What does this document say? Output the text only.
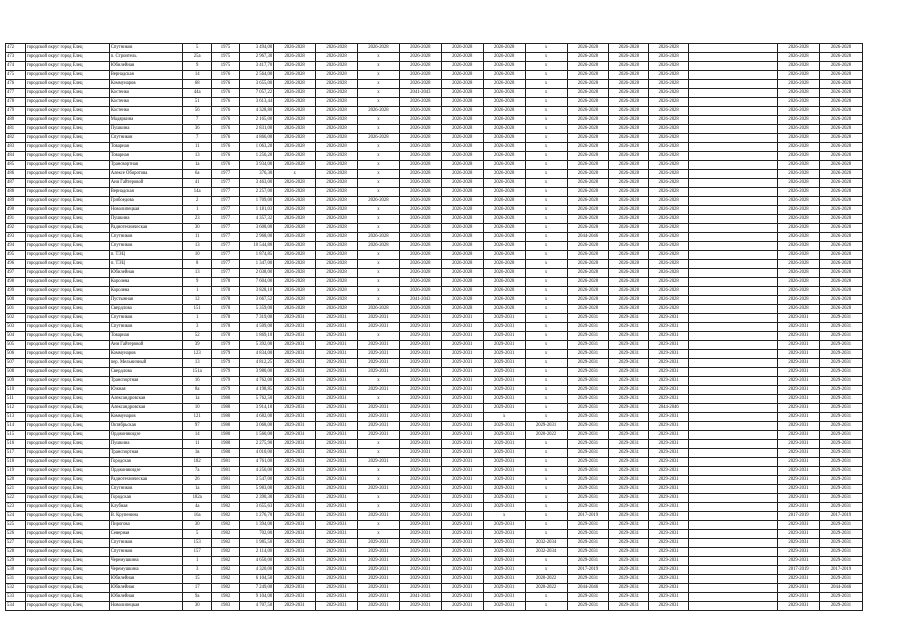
472	городской округ город Елец	Спутников	5	1975	3 494,00	2026-2028	2026-2028	2026-2028	2026-2028	2026-2028	2026-2028	x	2026-2028	2026-2028	2026-2028		2026-2028	2026-2028
473	городской округ город Елец	п. Строитель	25a	1975	2 967,30	2026-2028	2026-2028	x	2026-2028	2026-2028	2026-2028	x	2026-2028	2026-2028	2026-2028		2026-2028	2026-2028
474	городской округ город Елец	Юбилейная	9	1975	3 417,70	2026-2028	2026-2028	x	2026-2028	2026-2028	2026-2028	x	2026-2028	2026-2028	2026-2028		2026-2028	2026-2028
475	городской округ город Елец	Вернадская	14	1976	2 564,00	2026-2028	2026-2028	x	2026-2028	2026-2028	2026-2028	x	2026-2028	2026-2028	2026-2028		2026-2028	2026-2028
476	городской округ город Елец	Коммунаров	68	1976	3 655,00	2026-2028	2026-2028	x	2026-2028	2026-2028	2026-2028	x	2026-2028	2026-2028	2026-2028		2026-2028	2026-2028
477	городской округ город Елец	Костенко	44a	1976	7 057,22	2026-2028	2026-2028	x	2041-2043	2026-2028	2026-2028	x	2026-2028	2026-2028	2026-2028		2026-2028	2026-2028
478	городской округ город Елец	Костенко	51	1976	3 613,44	2026-2028	2026-2028	x	2026-2028	2026-2028	2026-2028	x	2026-2028	2026-2028	2026-2028		2026-2028	2026-2028
479	городской округ город Елец	Костенко	56	1976	4 328,80	2026-2028	2026-2028	2026-2028	2026-2028	2026-2028	2026-2028	x	2026-2028	2026-2028	2026-2028		2026-2028	2026-2028
480	городской округ город Елец	Мадяркина	7	1976	2 165,00	2026-2028	2026-2028	x	2026-2028	2026-2028	2026-2028	x	2026-2028	2026-2028	2026-2028		2026-2028	2026-2028
481	городской округ город Елец	Пушкина	36	1976	2 831,00	2026-2028	2026-2028	x	2026-2028	2026-2028	2026-2028	x	2026-2028	2026-2028	2026-2028		2026-2028	2026-2028
482	городской округ город Елец	Спутников	7	1976	4 866,00	2026-2028	2026-2028	2026-2028	2026-2028	2026-2028	2026-2028	x	2026-2028	2026-2028	2026-2028		2026-2028	2026-2028
483	городской округ город Елец	Товарная	11	1976	1 063,20	2026-2028	2026-2028	x	2026-2028	2026-2028	2026-2028	x	2026-2028	2026-2028	2026-2028		2026-2028	2026-2028
484	городской округ город Елец	Товарная	13	1976	1 256,20	2026-2028	2026-2028	x	2026-2028	2026-2028	2026-2028	x	2026-2028	2026-2028	2026-2028		2026-2028	2026-2028
485	городской округ город Елец	Трансвортная	1a	1976	3 934,00	2026-2028	2026-2028	x	2026-2028	2026-2028	2026-2028	x	2026-2028	2026-2028	2026-2028		2026-2028	2026-2028
486	городской округ город Елец	Алексе Оборотова	6a	1977	376,30	x	2026-2028	x	2026-2028	2026-2028	2026-2028	x	2026-2028	2026-2028	2026-2028		2026-2028	2026-2028
487	городской округ город Елец	Ани Гайтеровой	41	1977	3 463,00	2026-2028	2026-2028	x	2026-2028	2026-2028	2026-2028	x	2026-2028	2026-2028	2026-2028		2026-2028	2026-2028
488	городской округ город Елец	Вернадская	14a	1977	2 257,00	2026-2028	2026-2028	x	2026-2028	2026-2028	2026-2028	x	2026-2028	2026-2028	2026-2028		2026-2028	2026-2028
489	городской округ город Елец	Грибоедова	2	1977	1 709,00	2026-2028	2026-2028	2026-2028	2026-2028	2026-2028	2026-2028	x	2026-2028	2026-2028	2026-2028		2026-2028	2026-2028
490	городской округ город Елец	Новолипецкая	1	1977	1 181,03	2026-2028	2026-2028	x	2026-2028	2026-2028	2026-2028	x	2026-2028	2026-2028	2026-2028		2026-2028	2026-2028
491	городской округ город Елец	Пушкина	23	1977	4 357,32	2026-2028	2026-2028	x	2026-2028	2026-2028	2026-2028	x	2026-2028	2026-2028	2026-2028		2026-2028	2026-2028
492	городской округ город Елец	Радиотехническая	30	1977	3 608,00	2026-2028	2026-2028	x	2026-2028	2026-2028	2026-2028	x	2026-2028	2026-2028	2026-2028		2026-2028	2026-2028
493	городской округ город Елец	Спутников	11	1977	2 968,00	2026-2028	2026-2028	2026-2028	2026-2028	2026-2028	2026-2028	x	2044-2046	2026-2028	2026-2028		2026-2028	2026-2028
494	городской округ город Елец	Спутников	13	1977	10 544,80	2026-2028	2026-2028	2026-2028	2026-2028	2026-2028	2026-2028	x	2026-2028	2026-2028	2026-2028		2026-2028	2026-2028
495	городской округ город Елец	п. ТЭЦ	10	1977	1 874,85	2026-2028	2026-2028	x	2026-2028	2026-2028	2026-2028	x	2026-2028	2026-2028	2026-2028		2026-2028	2026-2028
496	городской округ город Елец	п. ТЭЦ	8	1977	1 347,00	2026-2028	2026-2028	x	2026-2028	2026-2028	2026-2028	x	2026-2028	2026-2028	2026-2028		2026-2028	2026-2028
497	городской округ город Елец	Юбилейная	13	1977	2 038,00	2026-2028	2026-2028	x	2026-2028	2026-2028	2026-2028	x	2026-2028	2026-2028	2026-2028		2026-2028	2026-2028
498	городской округ город Елец	Королева	9	1978	7 604,00	2026-2028	2026-2028	x	2026-2028	2026-2028	2026-2028	x	2026-2028	2026-2028	2026-2028		2026-2028	2026-2028
499	городской округ город Елец	Королева	1	1978	3 828,10	2026-2028	2026-2028	x	2026-2028	2026-2028	2026-2028	x	2026-2028	2026-2028	2026-2028		2026-2028	2026-2028
500	городской округ город Елец	Пустынная	12	1978	3 667,52	2026-2028	2026-2028	x	2041-2043	2026-2028	2026-2028	x	2026-2028	2026-2028	2026-2028		2026-2028	2026-2028
501	городской округ город Елец	Свердлова	151	1978	5 359,00	2026-2028	2026-2028	2026-2028	2026-2028	2026-2028	2026-2028	x	2026-2028	2026-2028	2026-2028		2026-2028	2026-2028
502	городской округ город Елец	Спутников	1	1978	7 319,00	2029-2031	2029-2031	2029-2031	2029-2031	2029-2031	2029-2031	x	2029-2031	2029-2031	2029-2031		2029-2031	2029-2031
503	городской округ город Елец	Спутников	3	1978	4 509,00	2029-2031	2029-2031	2029-2031	2029-2031	2029-2031	2029-2031	x	2029-2031	2029-2031	2029-2031		2029-2031	2029-2031
504	городской округ город Елец	Товарная	52	1978	1 869,10	2029-2031	2029-2031	x	2029-2031	2029-2031	2029-2031	x	2029-2031	2029-2031	2029-2031		2029-2031	2029-2031
505	городской округ город Елец	Ани Гайтеровой	39	1979	5 392,00	2029-2031	2029-2031	2029-2031	2029-2031	2029-2031	2029-2031	x	2029-2031	2029-2031	2029-2031		2029-2031	2029-2031
506	городской округ город Елец	Коммунаров	123	1979	4 834,00	2029-2031	2029-2031	2029-2031	2029-2031	2029-2031	2029-2031	x	2029-2031	2029-2031	2029-2031		2029-2031	2029-2031
507	городской округ город Елец	пер. Мельничный	13	1979	4 812,25	2029-2031	2029-2031	2029-2031	2029-2031	2029-2031	2029-2031	x	2029-2031	2029-2031	2029-2031		2029-2031	2029-2031
508	городской округ город Елец	Свердлова	151a	1979	3 980,00	2029-2031	2029-2031	2029-2031	2029-2031	2029-2031	2029-2031	x	2029-2031	2029-2031	2029-2031		2029-2031	2029-2031
509	городской округ город Елец	Транспортная	16	1979	4 762,00	2029-2031	2029-2031	x	2029-2031	2029-2031	2029-2031	x	2029-2031	2029-2031	2029-2031		2029-2031	2029-2031
510	городской округ город Елец	Южная	8a	1979	4 198,85	2029-2031	2029-2031	2029-2031	2029-2031	2029-2031	2029-2031	x	2029-2031	2029-2031	2029-2031		2029-2031	2029-2031
511	городской округ город Елец	Александровская	1a	1980	5 762,50	2029-2031	2029-2031	x	2029-2031	2029-2031	2029-2031	x	2029-2031	2029-2031	2029-2031		2029-2031	2029-2031
512	городской округ город Елец	Александровская	10	1980	3 914,10	2029-2031	2029-2031	2029-2031	2029-2031	2029-2031	2029-2031	x	2029-2031	2029-2031	2044-2046		2029-2031	2029-2031
513	городской округ город Елец	Коммунаров	121	1980	4 682,00	2029-2031	2029-2031	2029-2031	2029-2031	2029-2031	x	x	2029-2031	2029-2031	2029-2031		2029-2031	2029-2031
514	городской округ город Елец	Октябрьская	97	1980	3 068,00	2029-2031	2029-2031	2029-2031	2029-2031	2029-2031	2029-2031	2029-2031	2029-2031	2029-2031	2029-2031		2029-2031	2029-2031
515	городской округ город Елец	Орджоникидзе	14	1980	1 560,00	2029-2031	2029-2031	2029-2031	2029-2031	2029-2031	2029-2031	2020-2022	2029-2031	2029-2031	2029-2031		2029-2031	2029-2031
516	городской округ город Елец	Пушкина	11	1980	2 275,90	2029-2031	2029-2031	x	2029-2031	2029-2031	2029-2031	x	2029-2031	2029-2031	2029-2031		2029-2031	2029-2031
517	городской округ город Елец	Транспортная	1в	1980	4 010,00	2029-2031	2029-2031	x	2029-2031	2029-2031	2029-2031	x	2029-2031	2029-2031	2029-2031		2029-2031	2029-2031
518	городской округ город Елец	Городская	182	1981	4 761,00	2029-2031	2029-2031	2029-2031	2029-2031	2029-2031	2029-2031	x	2029-2031	2029-2031	2029-2031		2029-2031	2029-2031
519	городской округ город Елец	Орджоникидзе	7a	1981	4 256,00	2029-2031	2029-2031	x	2029-2031	2029-2031	2029-2031	x	2029-2031	2029-2031	2029-2031		2029-2031	2029-2031
520	городской округ город Елец	Радиотехническая	26	1981	3 547,00	2029-2031	2029-2031	x	2029-2031	2029-2031	2029-2031	x	2029-2031	2029-2031	2029-2031		2029-2031	2029-2031
521	городской округ город Елец	Спутников	1a	1981	5 983,00	2029-2031	2029-2031	2029-2031	2029-2031	2029-2031	2029-2031	x	2029-2031	2029-2031	2029-2031		2029-2031	2029-2031
522	городской округ город Елец	Городская	182a	1982	2 390,30	2029-2031	2029-2031	x	2029-2031	2029-2031	2029-2031	x	2029-2031	2029-2031	2029-2031		2029-2031	2029-2031
523	городской округ город Елец	Клубная	4a	1982	3 655,63	2029-2031	2029-2031	x	2029-2031	2029-2031	2029-2031	x	2029-2031	2029-2031	2029-2031		2029-2031	2029-2031
524	городской округ город Елец	В. Крупенина	16a	1982	1 276,70	2029-2031	2029-2031	2029-2031	2029-2031	2029-2031	x	x	2017-2019	2029-2031	2029-2031		2017-2019	2017-2019
525	городской округ город Елец	Пирогова	30	1982	1 394,00	2029-2031	2029-2031	x	2029-2031	2029-2031	2029-2031	x	2029-2031	2029-2031	2029-2031		2029-2031	2029-2031
526	городской округ город Елец	Северная	5	1982	702,00	2029-2031	2029-2031	x	2029-2031	2029-2031	2029-2031	x	2029-2031	2029-2031	2029-2031		2029-2031	2029-2031
527	городской округ город Елец	Спутников	153	1982	1 985,50	2029-2031	2029-2031	2029-2031	2029-2031	2029-2031	2029-2031	2032-2034	2029-2031	2029-2031	2029-2031		2029-2031	2029-2031
528	городской округ город Елец	Спутников	157	1982	2 114,00	2029-2031	2029-2031	2029-2031	2029-2031	2029-2031	2029-2031	2032-2034	2029-2031	2029-2031	2029-2031		2029-2031	2029-2031
529	городской округ город Елец	Черемушкина	1	1982	4 650,00	2029-2031	2029-2031	2029-2031	2029-2031	2029-2031	2029-2031	x	2029-2031	2029-2031	2029-2031		2029-2031	2029-2031
530	городской округ город Елец	Черемушкина	3	1982	4 320,00	2029-2031	2029-2031	2029-2031	2029-2031	2029-2031	2029-2031	x	2017-2019	2029-2031	2029-2031		2017-2019	2017-2019
531	городской округ город Елец	Юбилейная	15	1982	6 104,50	2029-2031	2029-2031	2029-2031	2029-2031	2029-2031	2029-2031	2020-2022	2029-2031	2029-2031	2029-2031		2029-2031	2029-2031
532	городской округ город Елец	Юбилейная	17	1982	7 249,00	2029-2031	2029-2031	2029-2031	2029-2031	2029-2031	2029-2031	2020-2022	2044-2046	2029-2031	2029-2031		2029-2031	2044-2046
533	городской округ город Елец	Юбилейная	9a	1982	9 104,00	2029-2031	2029-2031	2029-2031	2041-2043	2029-2031	2029-2031	x	2029-2031	2029-2031	2029-2031		2029-2031	2029-2031
534	городской округ город Елец	Новолипецкая	30	1983	4 707,50	2029-2031	2029-2031	2029-2031	2029-2031	2029-2031	2029-2031	x	2029-2031	2029-2031	2029-2031		2029-2031	2029-2031
